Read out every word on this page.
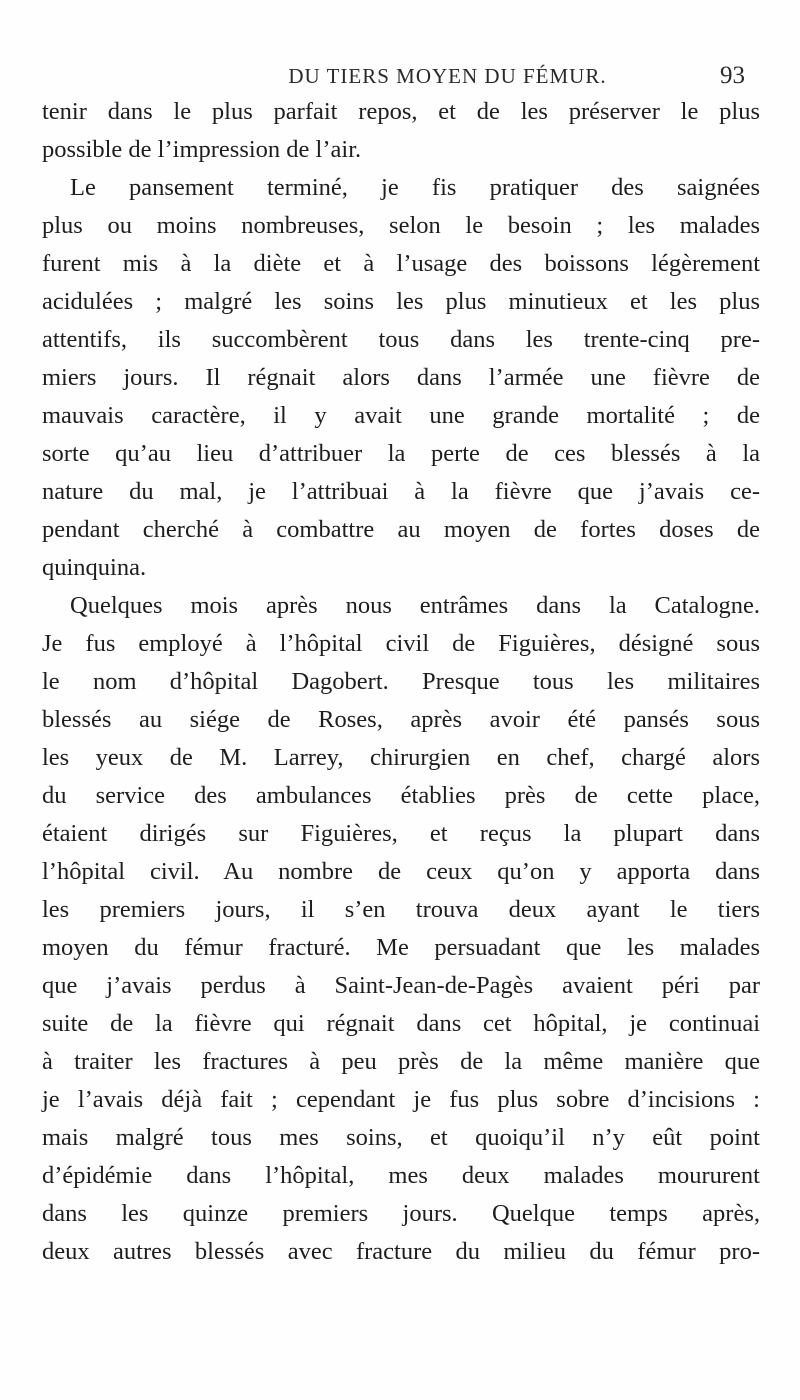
DU TIERS MOYEN DU FÉMUR.	93
tenir dans le plus parfait repos, et de les préserver le plus
possible de l’impression de l’air.
Le pansement terminé, je fis pratiquer des saignées
plus ou moins nombreuses, selon le besoin ; les malades
furent mis à la diète et à l’usage des boissons légèrement
acidulées ; malgré les soins les plus minutieux et les plus
attentifs, ils succombèrent tous dans les trente-cinq pre-
miers jours. Il régnait alors dans l’armée une fièvre de
mauvais caractère, il y avait une grande mortalité ; de
sorte qu’au lieu d’attribuer la perte de ces blessés à la
nature du mal, je l’attribuai à la fièvre que j’avais ce-
pendant cherché à combattre au moyen de fortes doses de
quinquina.
Quelques mois après nous entrâmes dans la Catalogne.
Je fus employé à l’hôpital civil de Figuières, désigné sous
le nom d’hôpital Dagobert. Presque tous les militaires
blessés au siége de Roses, après avoir été pansés sous
les yeux de M. Larrey, chirurgien en chef, chargé alors
du service des ambulances établies près de cette place,
étaient dirigés sur Figuières, et reçus la plupart dans
l’hôpital civil. Au nombre de ceux qu’on y apporta dans
les premiers jours, il s’en trouva deux ayant le tiers
moyen du fémur fracturé. Me persuadant que les malades
que j’avais perdus à Saint-Jean-de-Pagès avaient péri par
suite de la fièvre qui régnait dans cet hôpital, je continuai
à traiter les fractures à peu près de la même manière que
je l’avais déjà fait ; cependant je fus plus sobre d’incisions :
mais malgré tous mes soins, et quoiqu’il n’y eût point
d’épidémie dans l’hôpital, mes deux malades moururent
dans les quinze premiers jours. Quelque temps après,
deux autres blessés avec fracture du milieu du fémur pro-
